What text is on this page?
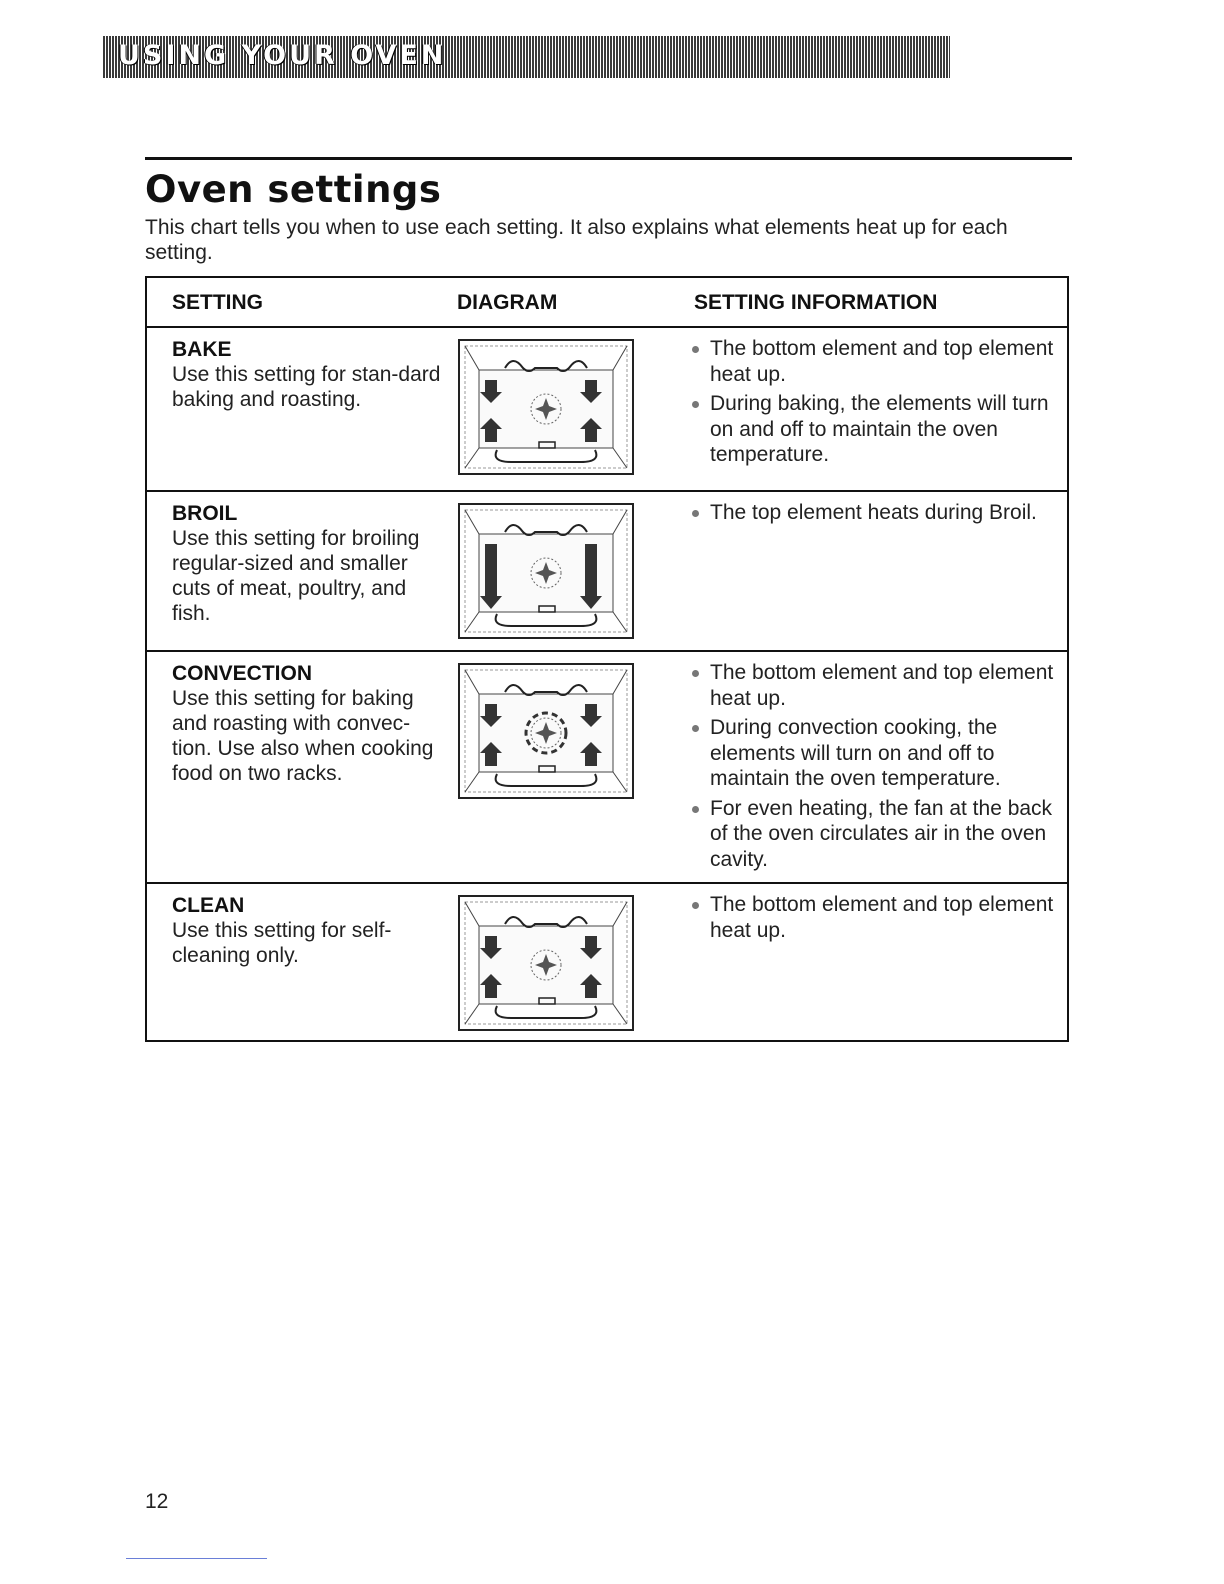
USING YOUR OVEN
Oven settings
This chart tells you when to use each setting. It also explains what elements heat up for each setting.
SETTING	DIAGRAM	SETTING INFORMATION
BAKE
Use this setting for stan-dard baking and roasting.
The bottom element and top element heat up.
During baking, the elements will turn on and off to maintain the oven temperature.
BROIL
Use this setting for broiling regular-sized and smaller cuts of meat, poultry, and fish.
The top element heats during Broil.
CONVECTION
Use this setting for baking and roasting with convec-tion. Use also when cooking food on two racks.
The bottom element and top element heat up.
During convection cooking, the elements will turn on and off to maintain the oven temperature.
For even heating, the fan at the back of the oven circulates air in the oven cavity.
CLEAN
Use this setting for self-cleaning only.
The bottom element and top element heat up.
12
